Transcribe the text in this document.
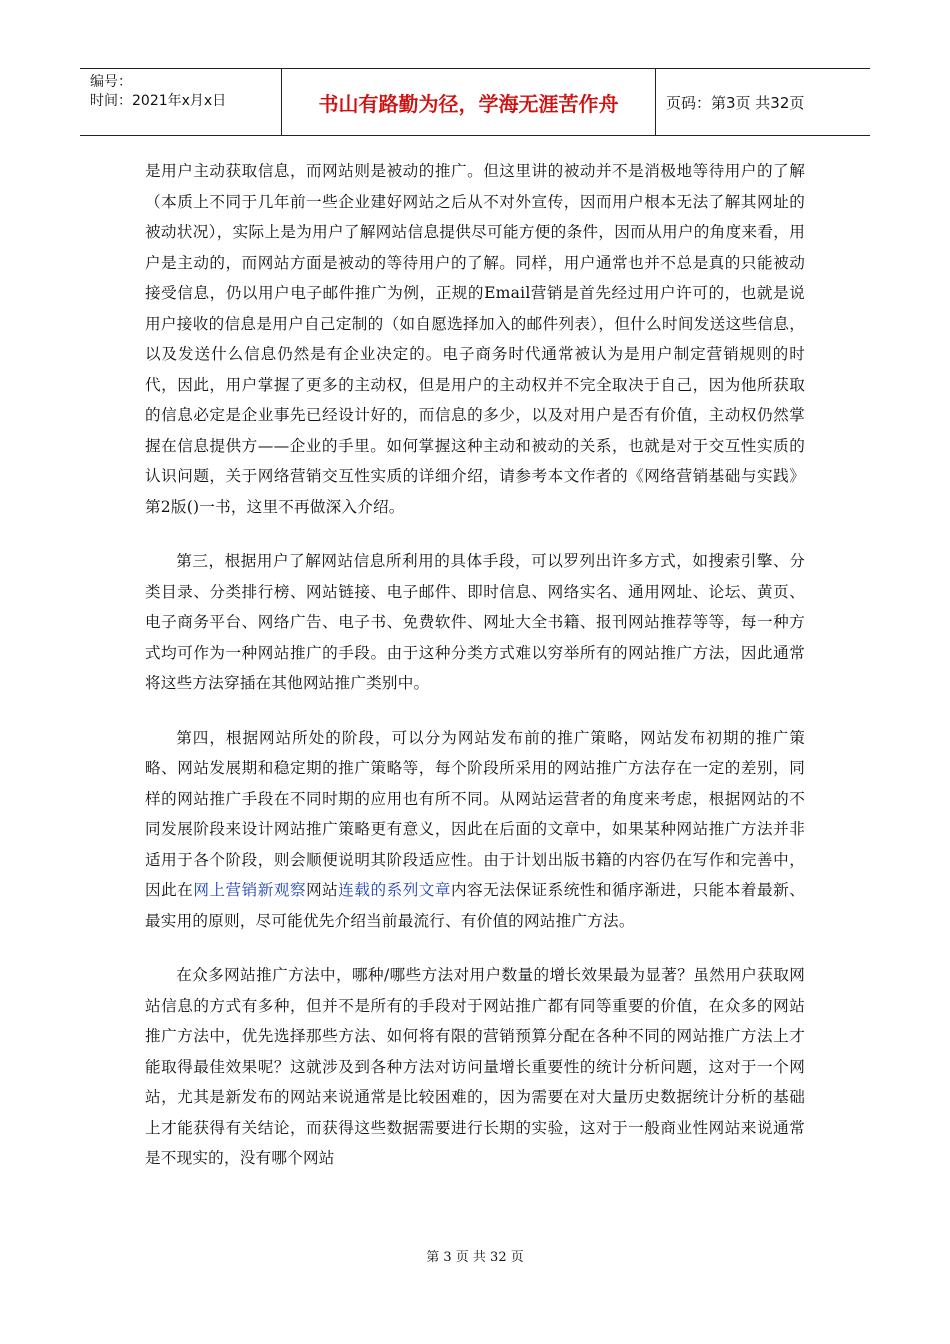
编号：
时间：2021年x月x日	书山有路勤为径，学海无涯苦作舟	页码：第3页 共32页

是用户主动获取信息，而网站则是被动的推广。但这里讲的被动并不是消极地等待用户的了解（本质上不同于几年前一些企业建好网站之后从不对外宣传，因而用户根本无法了解其网址的被动状况），实际上是为用户了解网站信息提供尽可能方便的条件，因而从用户的角度来看，用户是主动的，而网站方面是被动的等待用户的了解。同样，用户通常也并不总是真的只能被动接受信息，仍以用户电子邮件推广为例，正规的Email营销是首先经过用户许可的，也就是说用户接收的信息是用户自己定制的（如自愿选择加入的邮件列表），但什么时间发送这些信息，以及发送什么信息仍然是有企业决定的。电子商务时代通常被认为是用户制定营销规则的时代，因此，用户掌握了更多的主动权，但是用户的主动权并不完全取决于自己，因为他所获取的信息必定是企业事先已经设计好的，而信息的多少，以及对用户是否有价值，主动权仍然掌握在信息提供方——企业的手里。如何掌握这种主动和被动的关系，也就是对于交互性实质的认识问题，关于网络营销交互性实质的详细介绍，请参考本文作者的《网络营销基础与实践》第2版()一书，这里不再做深入介绍。

第三，根据用户了解网站信息所利用的具体手段，可以罗列出许多方式，如搜索引擎、分类目录、分类排行榜、网站链接、电子邮件、即时信息、网络实名、通用网址、论坛、黄页、电子商务平台、网络广告、电子书、免费软件、网址大全书籍、报刊网站推荐等等，每一种方式均可作为一种网站推广的手段。由于这种分类方式难以穷举所有的网站推广方法，因此通常将这些方法穿插在其他网站推广类别中。

第四，根据网站所处的阶段，可以分为网站发布前的推广策略，网站发布初期的推广策略、网站发展期和稳定期的推广策略等，每个阶段所采用的网站推广方法存在一定的差别，同样的网站推广手段在不同时期的应用也有所不同。从网站运营者的角度来考虑，根据网站的不同发展阶段来设计网站推广策略更有意义，因此在后面的文章中，如果某种网站推广方法并非适用于各个阶段，则会顺便说明其阶段适应性。由于计划出版书籍的内容仍在写作和完善中，因此在网上营销新观察网站连载的系列文章内容无法保证系统性和循序渐进，只能本着最新、最实用的原则，尽可能优先介绍当前最流行、有价值的网站推广方法。

在众多网站推广方法中，哪种/哪些方法对用户数量的增长效果最为显著？虽然用户获取网站信息的方式有多种，但并不是所有的手段对于网站推广都有同等重要的价值，在众多的网站推广方法中，优先选择那些方法、如何将有限的营销预算分配在各种不同的网站推广方法上才能取得最佳效果呢？这就涉及到各种方法对访问量增长重要性的统计分析问题，这对于一个网站，尤其是新发布的网站来说通常是比较困难的，因为需要在对大量历史数据统计分析的基础上才能获得有关结论，而获得这些数据需要进行长期的实验，这对于一般商业性网站来说通常是不现实的，没有哪个网站

第 3 页 共 32 页
